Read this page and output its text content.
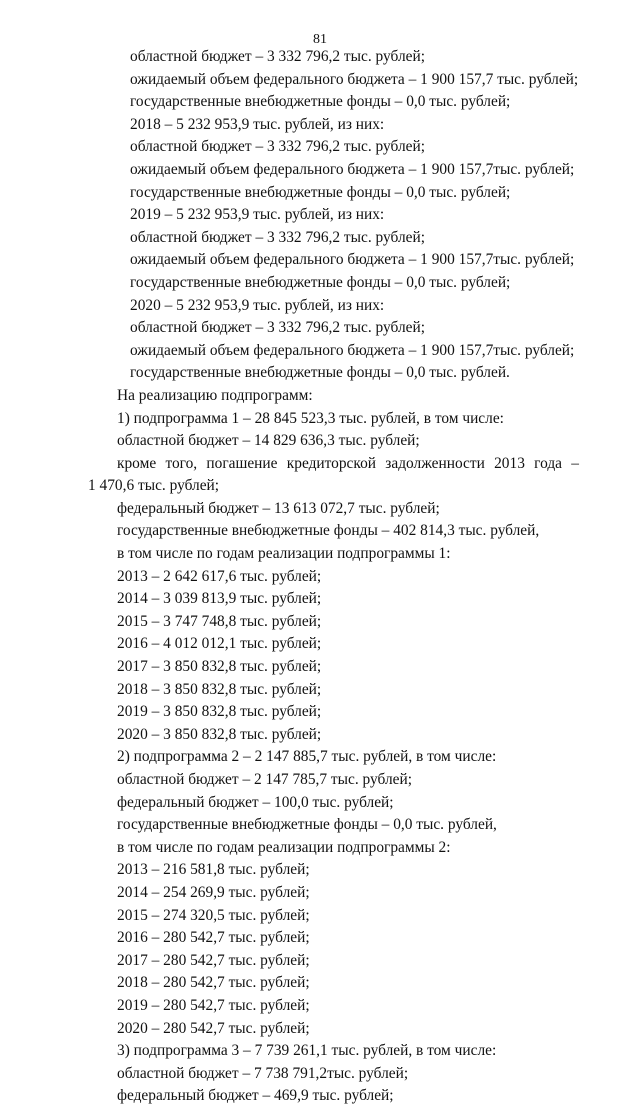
81
областной бюджет – 3 332 796,2 тыс. рублей;
ожидаемый объем федерального бюджета – 1 900 157,7 тыс. рублей;
государственные внебюджетные фонды – 0,0 тыс. рублей;
2018 – 5 232 953,9 тыс. рублей, из них:
областной бюджет – 3 332 796,2 тыс. рублей;
ожидаемый объем федерального бюджета – 1 900 157,7тыс. рублей;
государственные внебюджетные фонды – 0,0 тыс. рублей;
2019 – 5 232 953,9 тыс. рублей, из них:
областной бюджет – 3 332 796,2 тыс. рублей;
ожидаемый объем федерального бюджета – 1 900 157,7тыс. рублей;
государственные внебюджетные фонды – 0,0 тыс. рублей;
2020 – 5 232 953,9 тыс. рублей, из них:
областной бюджет – 3 332 796,2 тыс. рублей;
ожидаемый объем федерального бюджета – 1 900 157,7тыс. рублей;
государственные внебюджетные фонды – 0,0 тыс. рублей.
На реализацию подпрограмм:
1) подпрограмма 1 – 28 845 523,3 тыс. рублей, в том числе:
областной бюджет – 14 829 636,3 тыс. рублей;
кроме того, погашение кредиторской задолженности 2013 года –
1 470,6 тыс. рублей;
федеральный бюджет – 13 613 072,7 тыс. рублей;
государственные внебюджетные фонды – 402 814,3 тыс. рублей,
в том числе по годам реализации подпрограммы 1:
2013 – 2 642 617,6 тыс. рублей;
2014 – 3 039 813,9 тыс. рублей;
2015 – 3 747 748,8 тыс. рублей;
2016 – 4 012 012,1 тыс. рублей;
2017 – 3 850 832,8 тыс. рублей;
2018 – 3 850 832,8 тыс. рублей;
2019 – 3 850 832,8 тыс. рублей;
2020 – 3 850 832,8 тыс. рублей;
2) подпрограмма 2 – 2 147 885,7 тыс. рублей, в том числе:
областной бюджет – 2 147 785,7 тыс. рублей;
федеральный бюджет – 100,0 тыс. рублей;
государственные внебюджетные фонды – 0,0 тыс. рублей,
в том числе по годам реализации подпрограммы 2:
2013 – 216 581,8 тыс. рублей;
2014 – 254 269,9 тыс. рублей;
2015 – 274 320,5 тыс. рублей;
2016 – 280 542,7 тыс. рублей;
2017 – 280 542,7 тыс. рублей;
2018 – 280 542,7 тыс. рублей;
2019 – 280 542,7 тыс. рублей;
2020 – 280 542,7 тыс. рублей;
3) подпрограмма 3 – 7 739 261,1 тыс. рублей, в том числе:
областной бюджет – 7 738 791,2тыс. рублей;
федеральный бюджет – 469,9 тыс. рублей;
